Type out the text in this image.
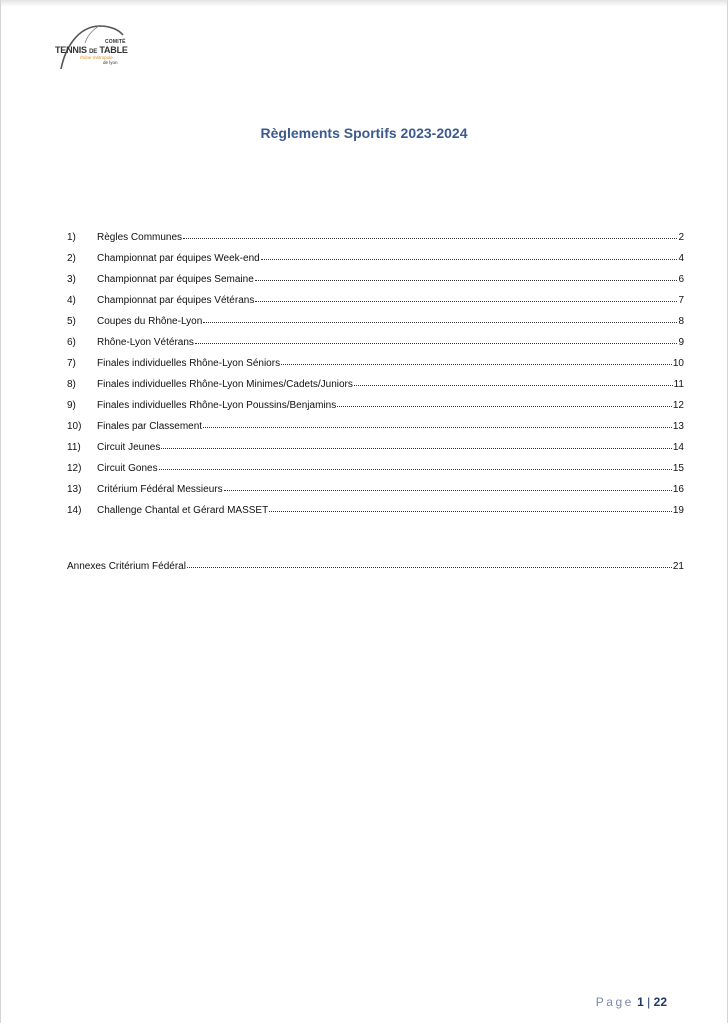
COMITÉ
TENNIS DE TABLE
rhône métropole
de lyon
Règlements Sportifs 2023-2024
1)	Règles Communes	2
2)	Championnat par équipes Week-end	4
3)	Championnat par équipes Semaine	6
4)	Championnat par équipes Vétérans	7
5)	Coupes du Rhône-Lyon	8
6)	Rhône-Lyon Vétérans	9
7)	Finales individuelles Rhône-Lyon Séniors	10
8)	Finales individuelles Rhône-Lyon Minimes/Cadets/Juniors	11
9)	Finales individuelles Rhône-Lyon Poussins/Benjamins	12
10)	Finales par Classement	13
11)	Circuit Jeunes	14
12)	Circuit Gones	15
13)	Critérium Fédéral Messieurs	16
14)	Challenge Chantal et Gérard MASSET	19
Annexes Critérium Fédéral	21
Page 1 | 22
